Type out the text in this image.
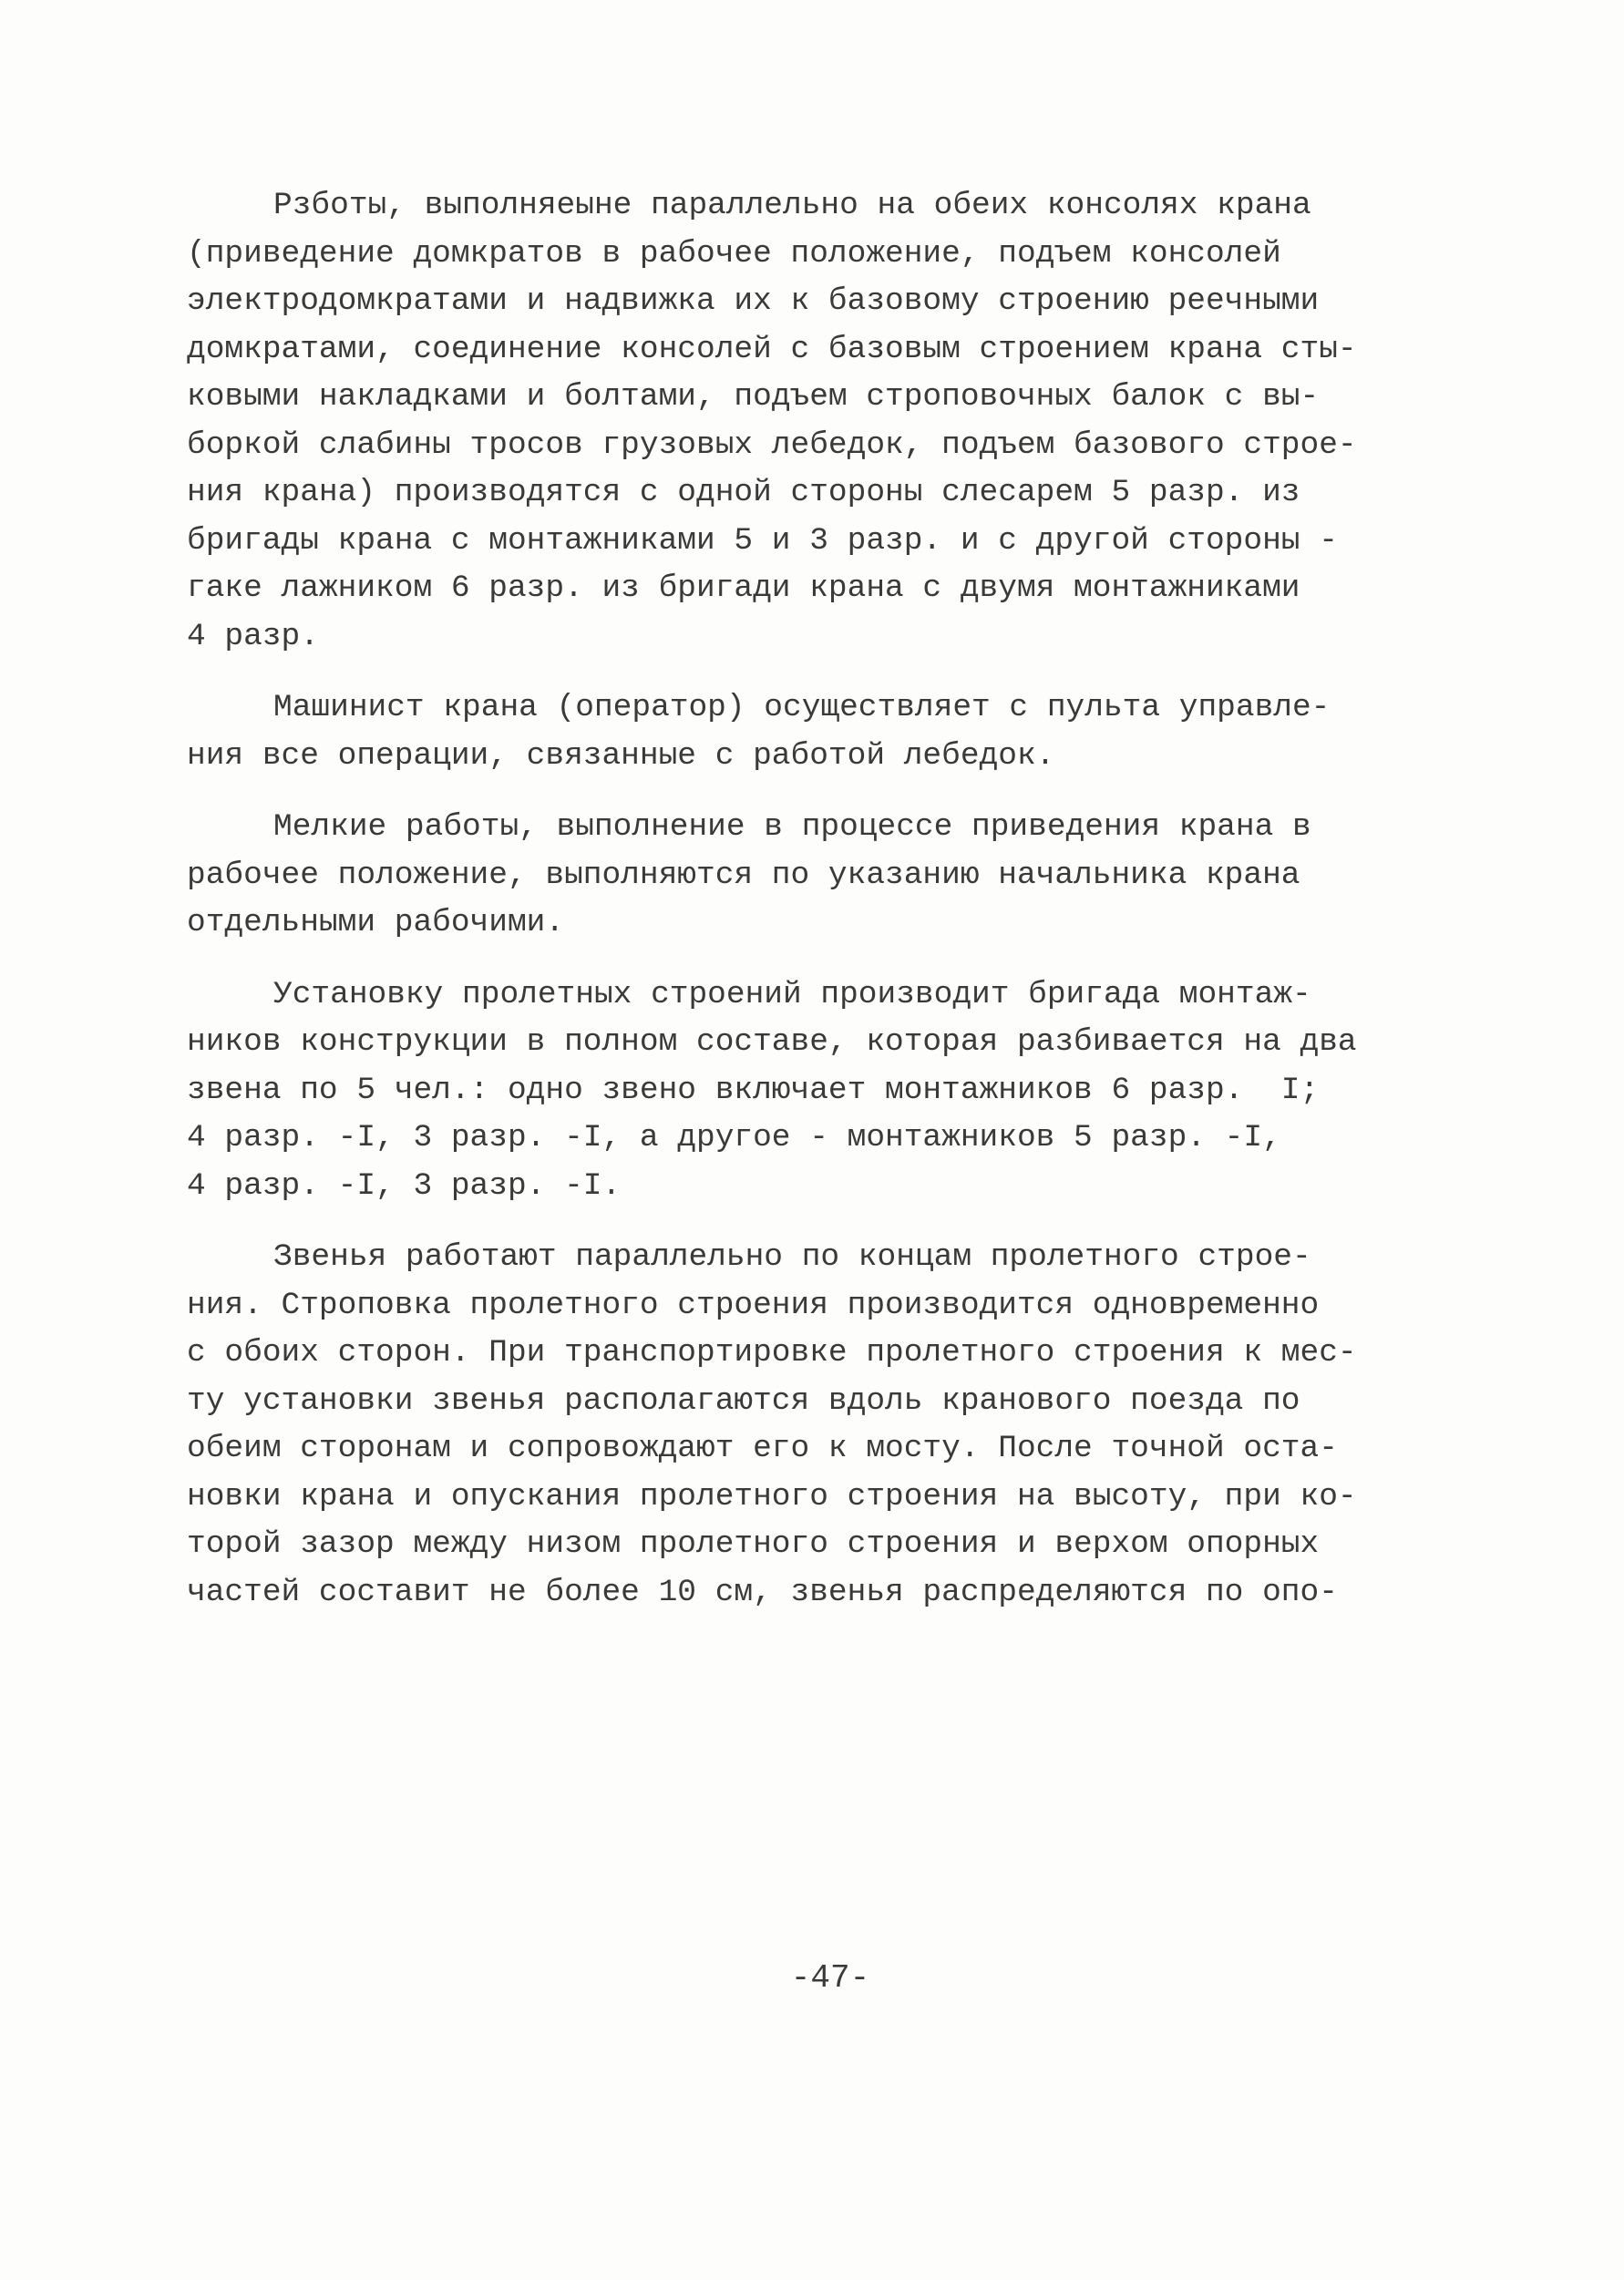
Рзботы, выполняеыне параллельно на обеих консолях крана
(приведение домкратов в рабочее положение, подъем консолей
электродомкратами и надвижка их к базовому строению реечными
домкратами, соединение консолей с базовым строением крана сты-
ковыми накладками и болтами, подъем строповочных балок с вы-
боркой слабины тросов грузовых лебедок, подъем базового строе-
ния крана) производятся с одной стороны слесарем 5 разр. из
бригады крана с монтажниками 5 и 3 разр. и с другой стороны -
гаке лажником 6 разр. из бригади крана с двумя монтажниками
4 разр.
Машинист крана (оператор) осуществляет с пульта управле-
ния все операции, связанные с работой лебедок.
Мелкие работы, выполнение в процессе приведения крана в
рабочее положение, выполняются по указанию начальника крана
отдельными рабочими.
Установку пролетных строений производит бригада монтаж-
ников конструкции в полном составе, которая разбивается на два
звена по 5 чел.: одно звено включает монтажников 6 разр.  I;
4 разр. -I, 3 разр. -I, а другое - монтажников 5 разр. -I,
4 разр. -I, 3 разр. -I.
Звенья работают параллельно по концам пролетного строе-
ния. Строповка пролетного строения производится одновременно
с обоих сторон. При транспортировке пролетного строения к мес-
ту установки звенья располагаются вдоль кранового поезда по
обеим сторонам и сопровождают его к мосту. После точной оста-
новки крана и опускания пролетного строения на высоту, при ко-
торой зазор между низом пролетного строения и верхом опорных
частей составит не более 10 см, звенья распределяются по опо-
-47-
